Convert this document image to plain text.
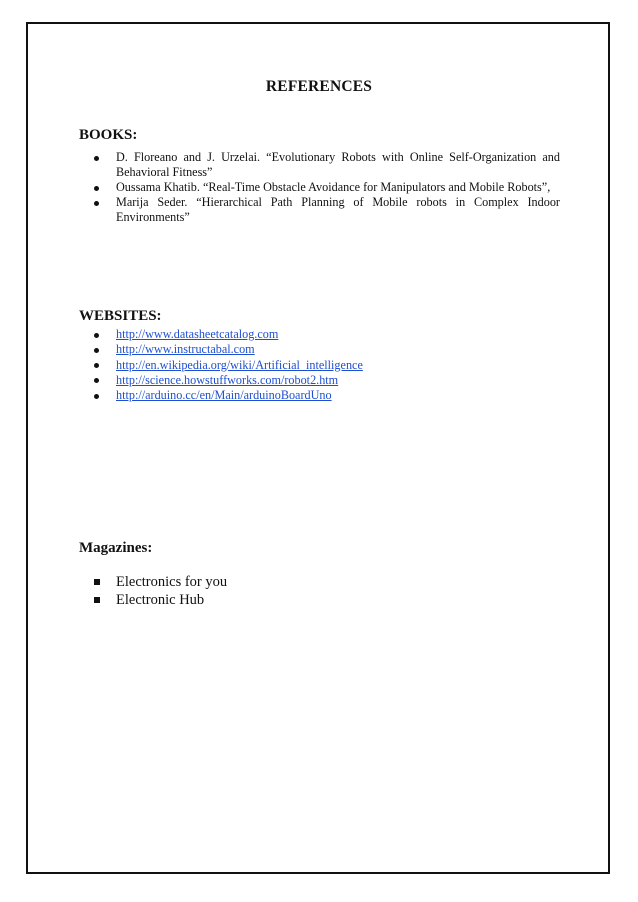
REFERENCES
BOOKS:
D. Floreano and J. Urzelai. “Evolutionary Robots with Online Self-Organization and Behavioral Fitness”
Oussama Khatib. “Real-Time Obstacle Avoidance for Manipulators and Mobile Robots”,
Marija Seder. “Hierarchical Path Planning of Mobile robots in Complex Indoor Environments”
WEBSITES:
http://www.datasheetcatalog.com
http://www.instructabal.com
http://en.wikipedia.org/wiki/Artificial_intelligence
http://science.howstuffworks.com/robot2.htm
http://arduino.cc/en/Main/arduinoBoardUno
Magazines:
Electronics for you
Electronic Hub
